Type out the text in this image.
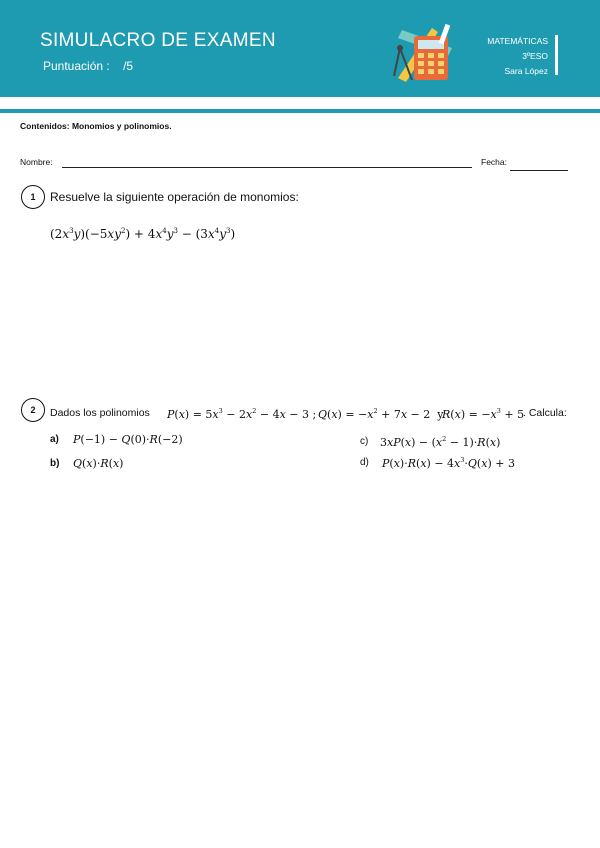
SIMULACRO DE EXAMEN
Puntuación : /5
MATEMÁTICAS
3ºESO
Sara López
Contenidos: Monomios y polinomios.
Nombre:	Fecha:
1	Resuelve la siguiente operación de monomios:
$(2x^3y)(-5xy^2) + 4x^4y^3 - (3x^4y^3)$
2	Dados los polinomios $P(x) = 5x^3 - 2x^2 - 4x - 3$ ; $Q(x) = -x^2 + 7x - 2$  y
$R(x) = -x^3 + 5$
. Calcula:
a) P(−1) − Q(0)·R(−2)
b) Q(x)·R(x)
c) $3xP(x) - (x^2 - 1)\cdot R(x)$
d) $P(x)\cdot R(x) - 4x^3\cdot Q(x) + 3$
